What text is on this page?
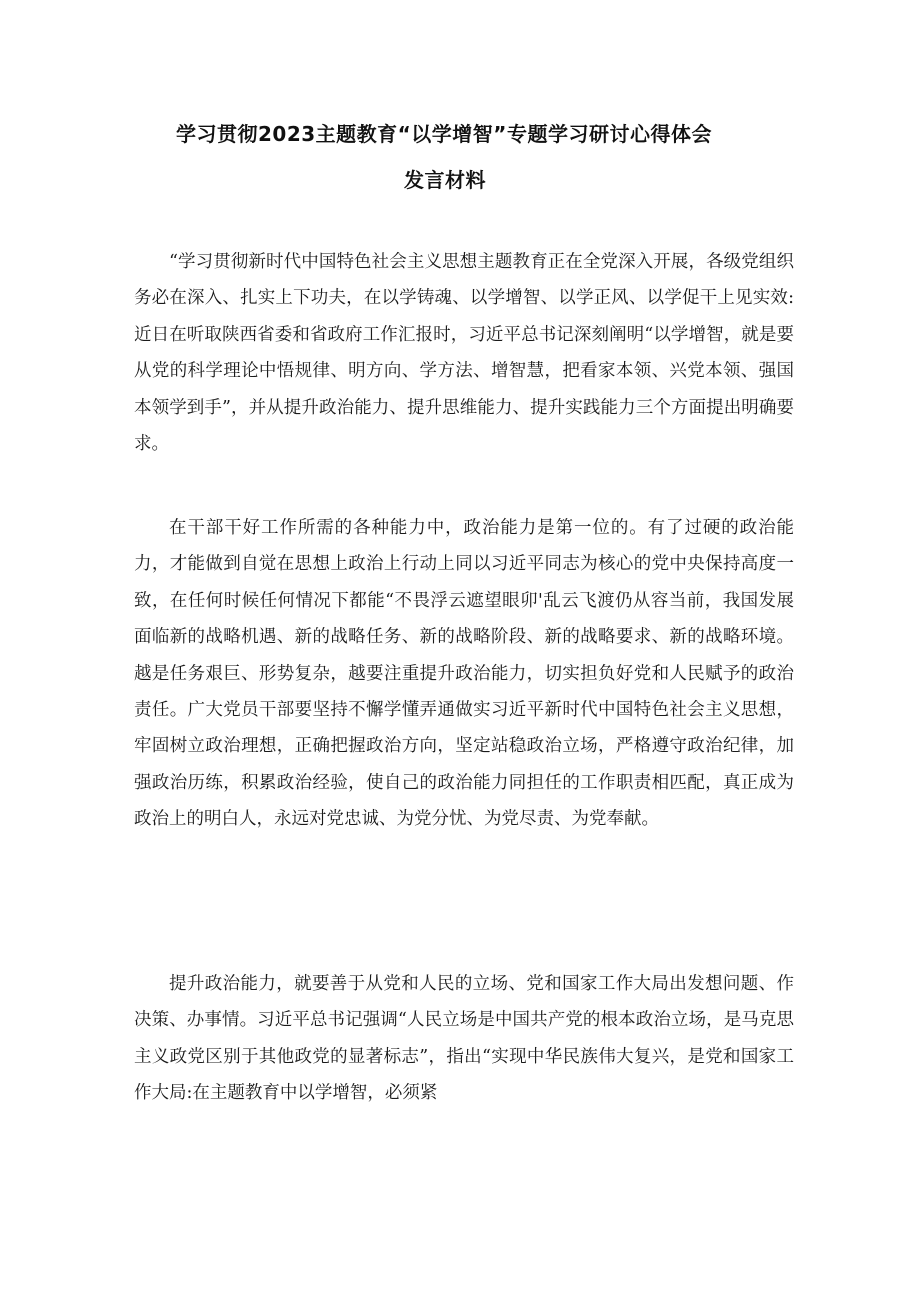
学习贯彻2023主题教育“以学增智”专题学习研讨心得体会
发言材料

“学习贯彻新时代中国特色社会主义思想主题教育正在全党深入开展，各级党组织务必在深入、扎实上下功夫，在以学铸魂、以学增智、以学正风、以学促干上见实效:近日在听取陕西省委和省政府工作汇报时，习近平总书记深刻阐明“以学增智，就是要从党的科学理论中悟规律、明方向、学方法、增智慧，把看家本领、兴党本领、强国本领学到手”，并从提升政治能力、提升思维能力、提升实践能力三个方面提出明确要求。

在干部干好工作所需的各种能力中，政治能力是第一位的。有了过硬的政治能力，才能做到自觉在思想上政治上行动上同以习近平同志为核心的党中央保持高度一致，在任何时候任何情况下都能“不畏浮云遮望眼卯'乱云飞渡仍从容当前，我国发展面临新的战略机遇、新的战略任务、新的战略阶段、新的战略要求、新的战略环境。越是任务艰巨、形势复杂，越要注重提升政治能力，切实担负好党和人民赋予的政治责任。广大党员干部要坚持不懈学懂弄通做实习近平新时代中国特色社会主义思想，牢固树立政治理想，正确把握政治方向，坚定站稳政治立场，严格遵守政治纪律，加强政治历练，积累政治经验，使自己的政治能力同担任的工作职责相匹配，真正成为政治上的明白人，永远对党忠诚、为党分忧、为党尽责、为党奉献。

提升政治能力，就要善于从党和人民的立场、党和国家工作大局出发想问题、作决策、办事情。习近平总书记强调“人民立场是中国共产党的根本政治立场，是马克思主义政党区别于其他政党的显著标志”，指出“实现中华民族伟大复兴，是党和国家工作大局:在主题教育中以学增智，必须紧
